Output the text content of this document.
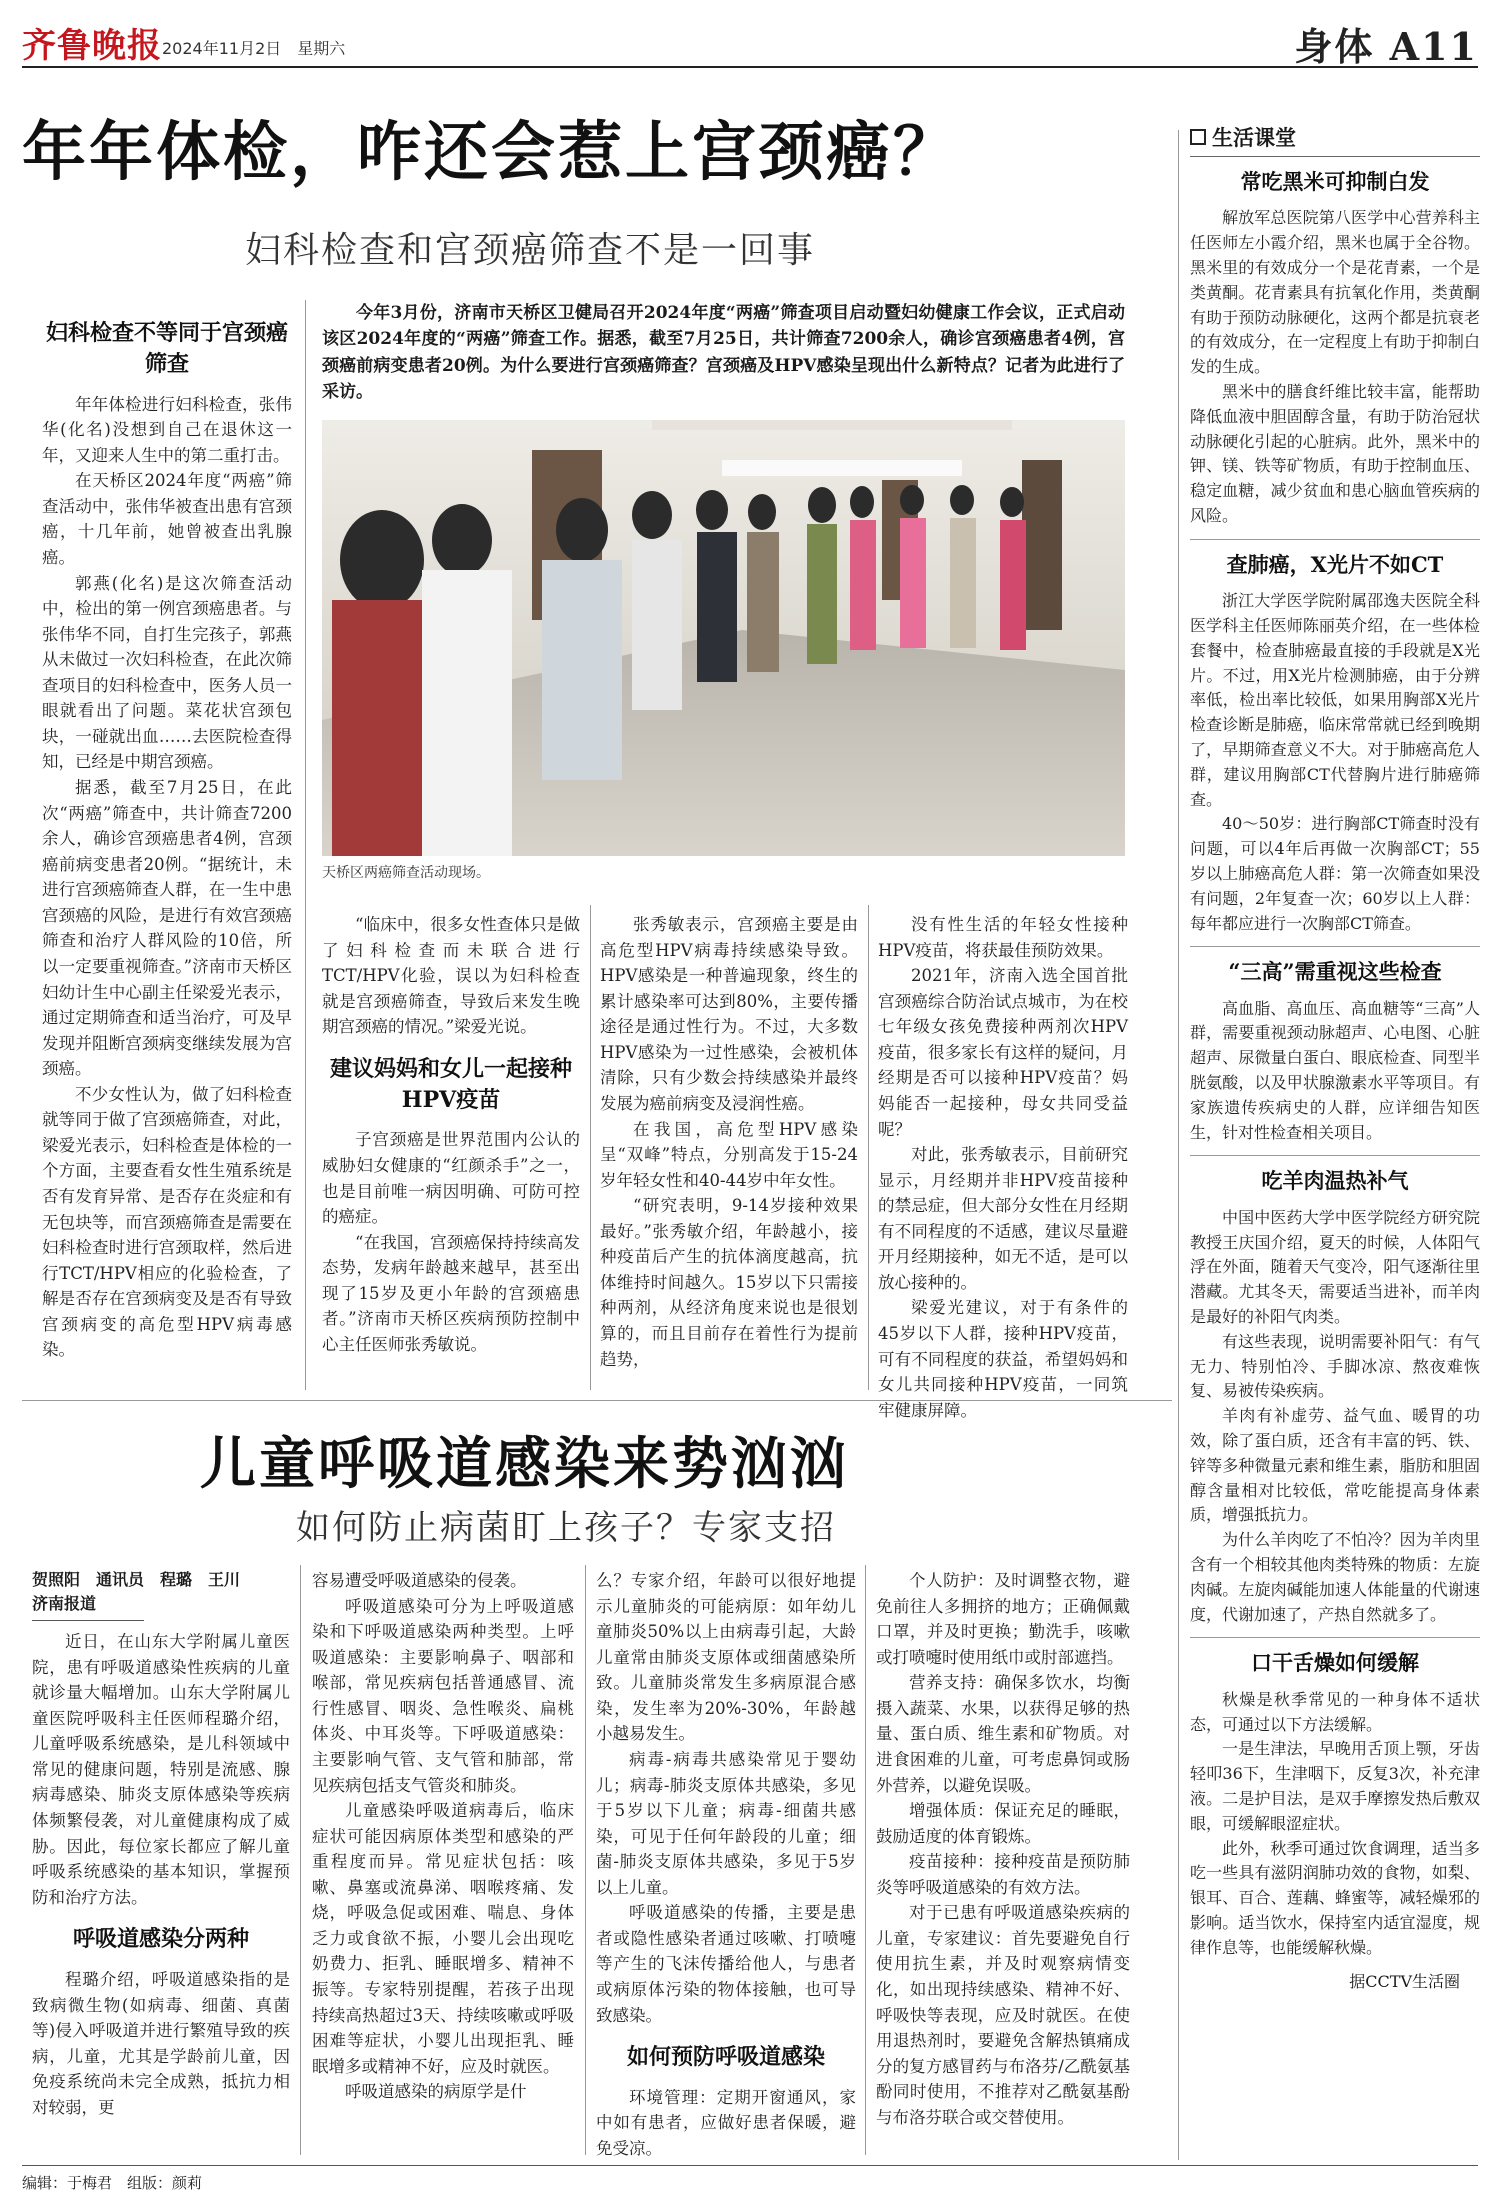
齐鲁晚报 2024年11月2日　星期六	身体 A11
年年体检，咋还会惹上宫颈癌？
妇科检查和宫颈癌筛查不是一回事
妇科检查不等同于宫颈癌筛查

年年体检进行妇科检查，张伟华(化名)没想到自己在退休这一年，又迎来人生中的第二重打击。

在天桥区2024年度“两癌”筛查活动中，张伟华被查出患有宫颈癌，十几年前，她曾被查出乳腺癌。

郭燕(化名)是这次筛查活动中，检出的第一例宫颈癌患者。与张伟华不同，自打生完孩子，郭燕从未做过一次妇科检查，在此次筛查项目的妇科检查中，医务人员一眼就看出了问题。菜花状宫颈包块，一碰就出血……去医院检查得知，已经是中期宫颈癌。

据悉，截至7月25日，在此次“两癌”筛查中，共计筛查7200余人，确诊宫颈癌患者4例，宫颈癌前病变患者20例。“据统计，未进行宫颈癌筛查人群，在一生中患宫颈癌的风险，是进行有效宫颈癌筛查和治疗人群风险的10倍，所以一定要重视筛查。”济南市天桥区妇幼计生中心副主任梁爱光表示，通过定期筛查和适当治疗，可及早发现并阻断宫颈病变继续发展为宫颈癌。

不少女性认为，做了妇科检查就等同于做了宫颈癌筛查，对此，梁爱光表示，妇科检查是体检的一个方面，主要查看女性生殖系统是否有发育异常、是否存在炎症和有无包块等，而宫颈癌筛查是需要在妇科检查时进行宫颈取样，然后进行TCT/HPV相应的化验检查，了解是否存在宫颈病变及是否有导致宫颈病变的高危型HPV病毒感染。

今年3月份，济南市天桥区卫健局召开2024年度“两癌”筛查项目启动暨妇幼健康工作会议，正式启动该区2024年度的“两癌”筛查工作。据悉，截至7月25日，共计筛查7200余人，确诊宫颈癌患者4例，宫颈癌前病变患者20例。为什么要进行宫颈癌筛查？宫颈癌及HPV感染呈现出什么新特点？记者为此进行了采访。
天桥区两癌筛查活动现场。

“临床中，很多女性查体只是做了妇科检查而未联合进行TCT/HPV化验，误以为妇科检查就是宫颈癌筛查，导致后来发生晚期宫颈癌的情况。”梁爱光说。

建议妈妈和女儿一起接种HPV疫苗

子宫颈癌是世界范围内公认的威胁妇女健康的“红颜杀手”之一，也是目前唯一病因明确、可防可控的癌症。

“在我国，宫颈癌保持持续高发态势，发病年龄越来越早，甚至出现了15岁及更小年龄的宫颈癌患者。”济南市天桥区疾病预防控制中心主任医师张秀敏说。

张秀敏表示，宫颈癌主要是由高危型HPV病毒持续感染导致。HPV感染是一种普遍现象，终生的累计感染率可达到80%，主要传播途径是通过性行为。不过，大多数HPV感染为一过性感染，会被机体清除，只有少数会持续感染并最终发展为癌前病变及浸润性癌。

在我国，高危型HPV感染呈“双峰”特点，分别高发于15-24岁年轻女性和40-44岁中年女性。

“研究表明，9-14岁接种效果最好。”张秀敏介绍，年龄越小，接种疫苗后产生的抗体滴度越高，抗体维持时间越久。15岁以下只需接种两剂，从经济角度来说也是很划算的，而且目前存在着性行为提前趋势，

没有性生活的年轻女性接种HPV疫苗，将获最佳预防效果。

2021年，济南入选全国首批宫颈癌综合防治试点城市，为在校七年级女孩免费接种两剂次HPV疫苗，很多家长有这样的疑问，月经期是否可以接种HPV疫苗？妈妈能否一起接种，母女共同受益呢？

对此，张秀敏表示，目前研究显示，月经期并非HPV疫苗接种的禁忌症，但大部分女性在月经期有不同程度的不适感，建议尽量避开月经期接种，如无不适，是可以放心接种的。

梁爱光建议，对于有条件的45岁以下人群，接种HPV疫苗，可有不同程度的获益，希望妈妈和女儿共同接种HPV疫苗，一同筑牢健康屏障。

儿童呼吸道感染来势汹汹
如何防止病菌盯上孩子？专家支招
贺照阳　通讯员　程璐　王川
济南报道

近日，在山东大学附属儿童医院，患有呼吸道感染性疾病的儿童就诊量大幅增加。山东大学附属儿童医院呼吸科主任医师程璐介绍，儿童呼吸系统感染，是儿科领域中常见的健康问题，特别是流感、腺病毒感染、肺炎支原体感染等疾病体频繁侵袭，对儿童健康构成了威胁。因此，每位家长都应了解儿童呼吸系统感染的基本知识，掌握预防和治疗方法。

呼吸道感染分两种

程璐介绍，呼吸道感染指的是致病微生物(如病毒、细菌、真菌等)侵入呼吸道并进行繁殖导致的疾病，儿童，尤其是学龄前儿童，因免疫系统尚未完全成熟，抵抗力相对较弱，更

容易遭受呼吸道感染的侵袭。

呼吸道感染可分为上呼吸道感染和下呼吸道感染两种类型。上呼吸道感染：主要影响鼻子、咽部和喉部，常见疾病包括普通感冒、流行性感冒、咽炎、急性喉炎、扁桃体炎、中耳炎等。下呼吸道感染：主要影响气管、支气管和肺部，常见疾病包括支气管炎和肺炎。

儿童感染呼吸道病毒后，临床症状可能因病原体类型和感染的严重程度而异。常见症状包括：咳嗽、鼻塞或流鼻涕、咽喉疼痛、发烧，呼吸急促或困难、喘息、身体乏力或食欲不振，小婴儿会出现吃奶费力、拒乳、睡眠增多、精神不振等。专家特别提醒，若孩子出现持续高热超过3天、持续咳嗽或呼吸困难等症状，小婴儿出现拒乳、睡眠增多或精神不好，应及时就医。

呼吸道感染的病原学是什

么？专家介绍，年龄可以很好地提示儿童肺炎的可能病原：如年幼儿童肺炎50%以上由病毒引起，大龄儿童常由肺炎支原体或细菌感染所致。儿童肺炎常发生多病原混合感染，发生率为20%-30%，年龄越小越易发生。

病毒-病毒共感染常见于婴幼儿；病毒-肺炎支原体共感染，多见于5岁以下儿童；病毒-细菌共感染，可见于任何年龄段的儿童；细菌-肺炎支原体共感染，多见于5岁以上儿童。

呼吸道感染的传播，主要是患者或隐性感染者通过咳嗽、打喷嚏等产生的飞沫传播给他人，与患者或病原体污染的物体接触，也可导致感染。

如何预防呼吸道感染

环境管理：定期开窗通风，家中如有患者，应做好患者保暖，避免受凉。

个人防护：及时调整衣物，避免前往人多拥挤的地方；正确佩戴口罩，并及时更换；勤洗手，咳嗽或打喷嚏时使用纸巾或肘部遮挡。

营养支持：确保多饮水，均衡摄入蔬菜、水果，以获得足够的热量、蛋白质、维生素和矿物质。对进食困难的儿童，可考虑鼻饲或肠外营养，以避免误吸。

增强体质：保证充足的睡眠，鼓励适度的体育锻炼。

疫苗接种：接种疫苗是预防肺炎等呼吸道感染的有效方法。

对于已患有呼吸道感染疾病的儿童，专家建议：首先要避免自行使用抗生素，并及时观察病情变化，如出现持续感染、精神不好、呼吸快等表现，应及时就医。在使用退热剂时，要避免含解热镇痛成分的复方感冒药与布洛芬/乙酰氨基酚同时使用，不推荐对乙酰氨基酚与布洛芬联合或交替使用。

生活课堂
常吃黑米可抑制白发

解放军总医院第八医学中心营养科主任医师左小霞介绍，黑米也属于全谷物。黑米里的有效成分一个是花青素，一个是类黄酮。花青素具有抗氧化作用，类黄酮有助于预防动脉硬化，这两个都是抗衰老的有效成分，在一定程度上有助于抑制白发的生成。

黑米中的膳食纤维比较丰富，能帮助降低血液中胆固醇含量，有助于防治冠状动脉硬化引起的心脏病。此外，黑米中的钾、镁、铁等矿物质，有助于控制血压、稳定血糖，减少贫血和患心脑血管疾病的风险。

查肺癌，X光片不如CT

浙江大学医学院附属邵逸夫医院全科医学科主任医师陈丽英介绍，在一些体检套餐中，检查肺癌最直接的手段就是X光片。不过，用X光片检测肺癌，由于分辨率低，检出率比较低，如果用胸部X光片检查诊断是肺癌，临床常常就已经到晚期了，早期筛查意义不大。对于肺癌高危人群，建议用胸部CT代替胸片进行肺癌筛查。

40～50岁：进行胸部CT筛查时没有问题，可以4年后再做一次胸部CT；55岁以上肺癌高危人群：第一次筛查如果没有问题，2年复查一次；60岁以上人群：每年都应进行一次胸部CT筛查。

“三高”需重视这些检查

高血脂、高血压、高血糖等“三高”人群，需要重视颈动脉超声、心电图、心脏超声、尿微量白蛋白、眼底检查、同型半胱氨酸，以及甲状腺激素水平等项目。有家族遗传疾病史的人群，应详细告知医生，针对性检查相关项目。

吃羊肉温热补气

中国中医药大学中医学院经方研究院教授王庆国介绍，夏天的时候，人体阳气浮在外面，随着天气变冷，阳气逐渐往里潜藏。尤其冬天，需要适当进补，而羊肉是最好的补阳气肉类。

有这些表现，说明需要补阳气：有气无力、特别怕冷、手脚冰凉、熬夜难恢复、易被传染疾病。

羊肉有补虚劳、益气血、暖胃的功效，除了蛋白质，还含有丰富的钙、铁、锌等多种微量元素和维生素，脂肪和胆固醇含量相对比较低，常吃能提高身体素质，增强抵抗力。

为什么羊肉吃了不怕冷？因为羊肉里含有一个相较其他肉类特殊的物质：左旋肉碱。左旋肉碱能加速人体能量的代谢速度，代谢加速了，产热自然就多了。

口干舌燥如何缓解

秋燥是秋季常见的一种身体不适状态，可通过以下方法缓解。

一是生津法，早晚用舌顶上颚，牙齿轻叩36下，生津咽下，反复3次，补充津液。二是护目法，是双手摩擦发热后敷双眼，可缓解眼涩症状。

此外，秋季可通过饮食调理，适当多吃一些具有滋阴润肺功效的食物，如梨、银耳、百合、莲藕、蜂蜜等，减轻燥邪的影响。适当饮水，保持室内适宜湿度，规律作息等，也能缓解秋燥。

据CCTV生活圈
编辑：于梅君　组版：颜莉
